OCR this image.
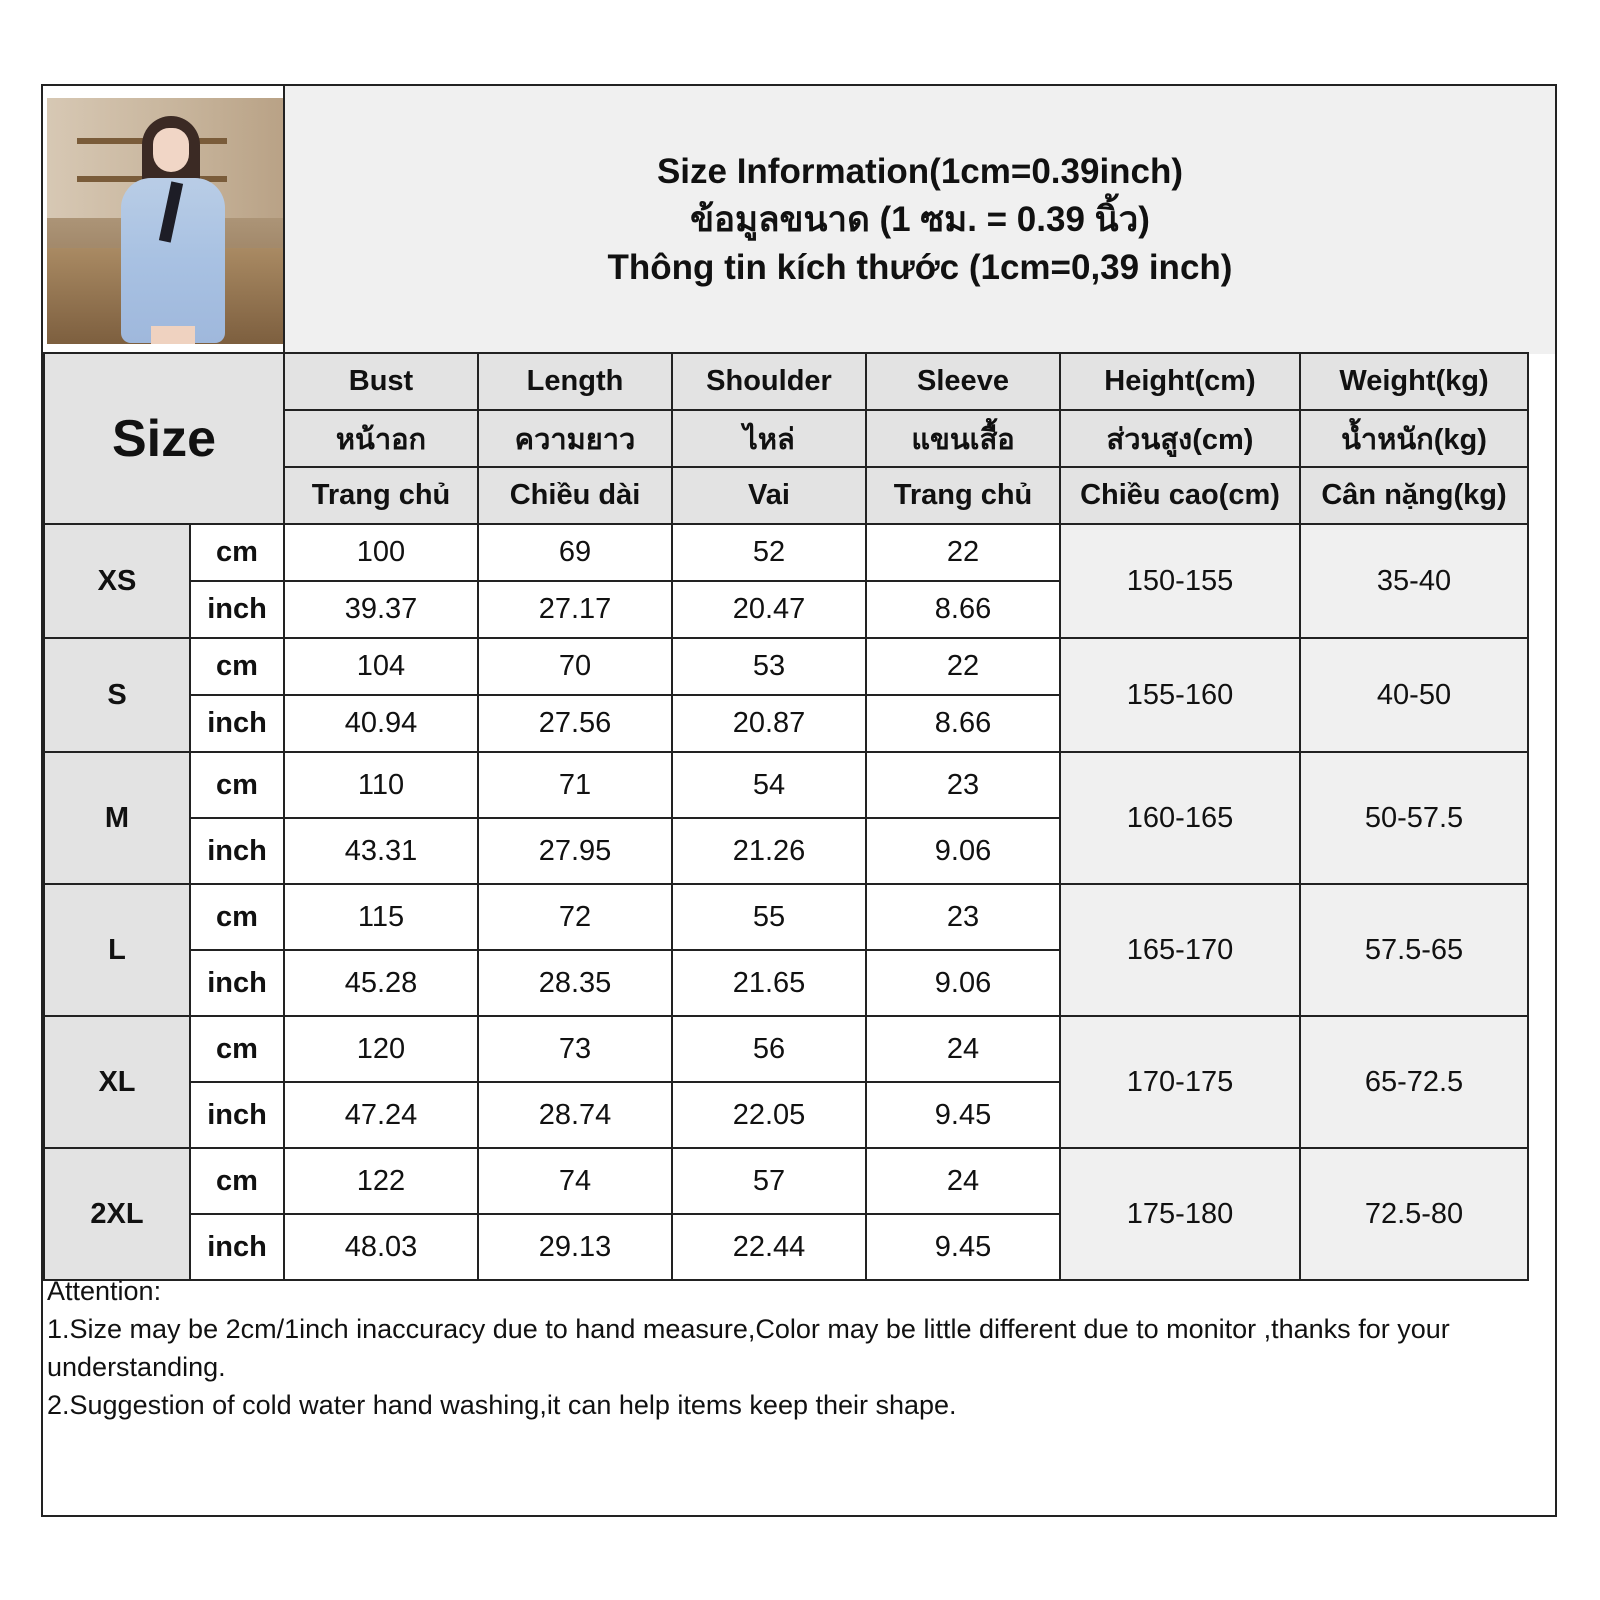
Size Information(1cm=0.39inch)
ข้อมูลขนาด (1 ซม. = 0.39 นิ้ว)
Thông tin kích thước (1cm=0,39 inch)
Size		Bust	Length	Shoulder	Sleeve	Height(cm)	Weight(kg)
		หน้าอก	ความยาว	ไหล่	แขนเสื้อ	ส่วนสูง(cm)	น้ำหนัก(kg)
		Trang chủ	Chiều dài	Vai	Trang chủ	Chiều cao(cm)	Cân nặng(kg)
XS	cm	100	69	52	22	150-155	35-40
	inch	39.37	27.17	20.47	8.66		
S	cm	104	70	53	22	155-160	40-50
	inch	40.94	27.56	20.87	8.66		
M	cm	110	71	54	23	160-165	50-57.5
	inch	43.31	27.95	21.26	9.06		
L	cm	115	72	55	23	165-170	57.5-65
	inch	45.28	28.35	21.65	9.06		
XL	cm	120	73	56	24	170-175	65-72.5
	inch	47.24	28.74	22.05	9.45		
2XL	cm	122	74	57	24	175-180	72.5-80
	inch	48.03	29.13	22.44	9.45		

Attention:

1.Size may be 2cm/1inch inaccuracy due to hand measure,Color may be little different due to monitor ,thanks for your understanding.

2.Suggestion of cold water hand washing,it can help items keep their shape.
